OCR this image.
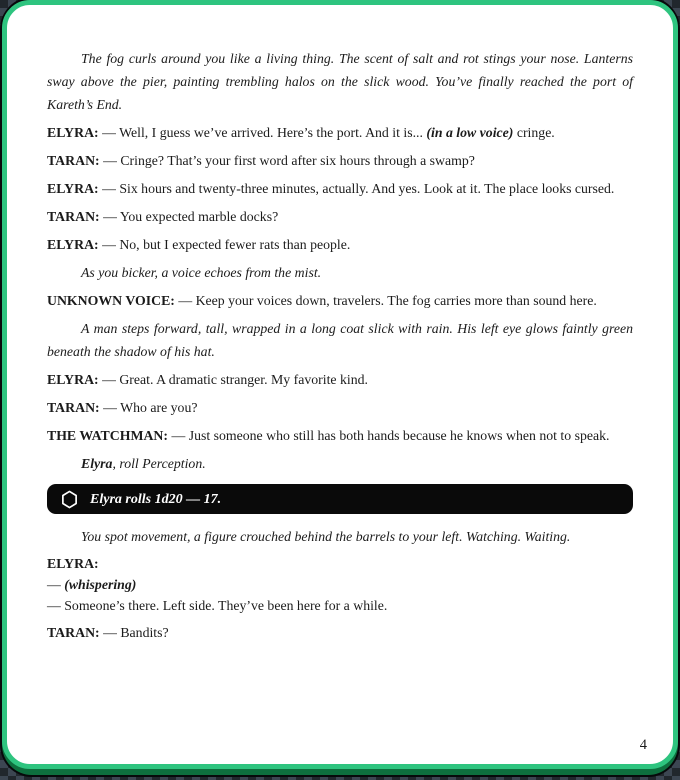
The fog curls around you like a living thing. The scent of salt and rot stings your nose. Lanterns sway above the pier, painting trembling halos on the slick wood. You’ve finally reached the port of Kareth’s End.

ELYRA: — Well, I guess we’ve arrived. Here’s the port. And it is... (in a low voice) cringe.

TARAN: — Cringe? That’s your first word after six hours through a swamp?

ELYRA: — Six hours and twenty-three minutes, actually. And yes. Look at it. The place looks cursed.

TARAN: — You expected marble docks?

ELYRA: — No, but I expected fewer rats than people.

As you bicker, a voice echoes from the mist.

UNKNOWN VOICE: — Keep your voices down, travelers. The fog carries more than sound here.

A man steps forward, tall, wrapped in a long coat slick with rain. His left eye glows faintly green beneath the shadow of his hat.

ELYRA: — Great. A dramatic stranger. My favorite kind.

TARAN: — Who are you?

THE WATCHMAN: — Just someone who still has both hands because he knows when not to speak.

Elyra, roll Perception.

Elyra rolls 1d20 — 17.

You spot movement, a figure crouched behind the barrels to your left. Watching. Waiting.

ELYRA:
— (whispering)
— Someone’s there. Left side. They’ve been here for a while.

TARAN: — Bandits?

4
